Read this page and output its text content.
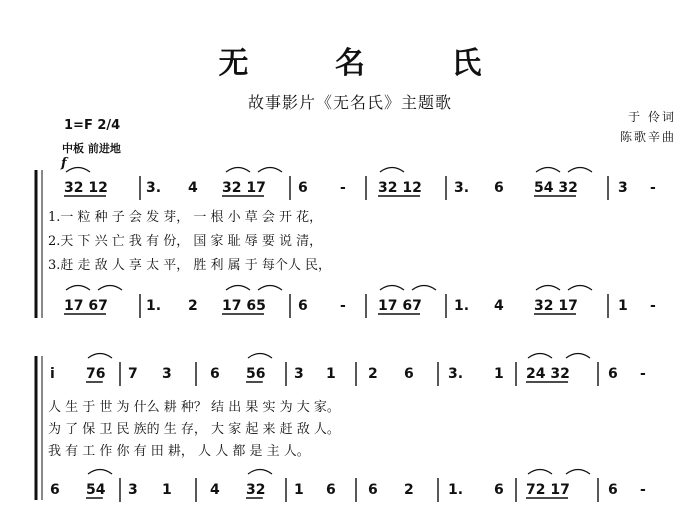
无 名 氏
故事影片《无名氏》主题歌
于 伶词
陈歌辛曲
1=F 2/4
中板 前进地
f
32 12	3. 4 32 17 6 - 32 12 3. 6 54 32	3 -
17 67	1. 2 17 65 6 - 17 67 1. 4 32 17	1 -
i 76 7 3	6 56 3 1 2 6 3. 1 24 32	6 -
6 54 3 1	4 32 1 6 6 2 1. 6 72 17	6 -
1.一 粒 种 子 会 发 芽， 一 根 小 草 会 开 花，
2.天 下 兴 亡 我 有 份， 国 家 耻 辱 要 说 清，
3.赶 走 敌 人 享 太 平， 胜 利 属 于 每个人 民，
人 生 于 世 为 什么 耕 种？ 结 出 果 实 为 大 家。
为 了 保 卫 民 族的 生 存， 大 家 起 来 赶 敌 人。
我 有 工 作 你 有 田 耕， 人 人 都 是 主 人。
